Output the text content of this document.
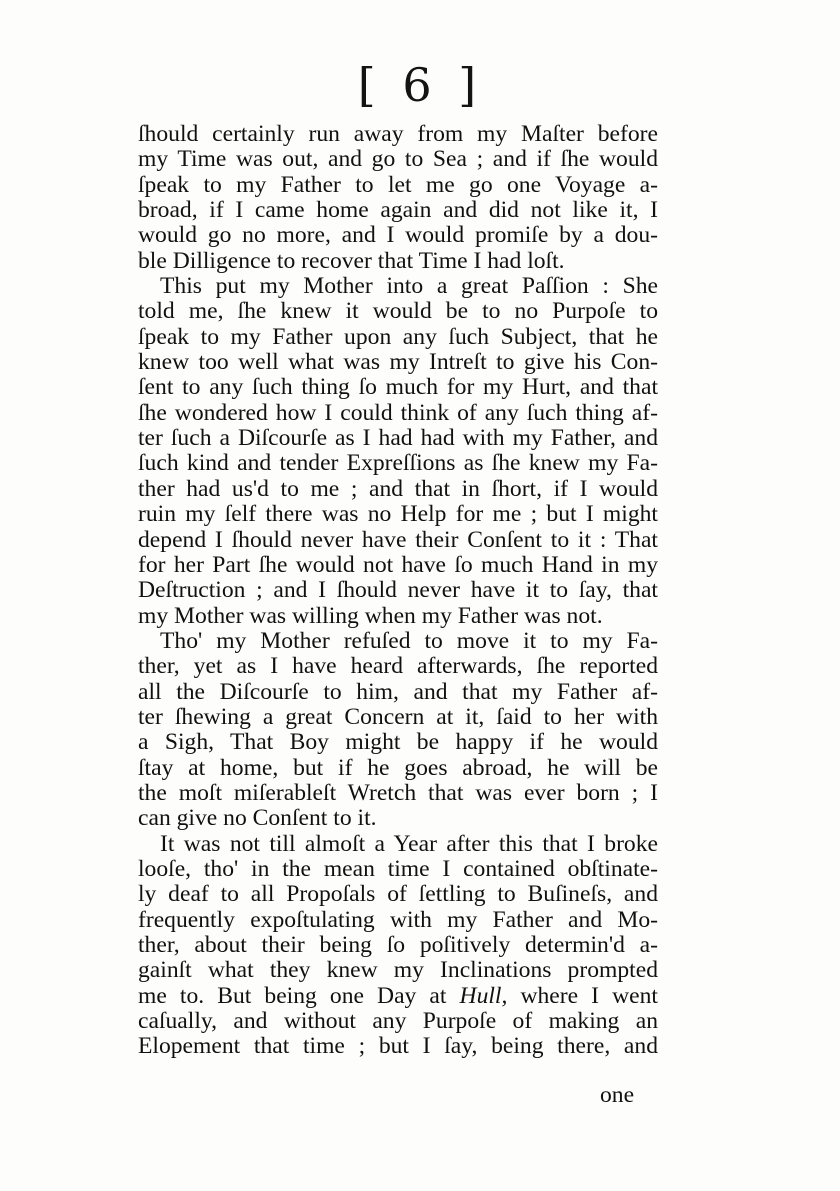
[ 6 ]
ſhould certainly run away from my Maſter before
my Time was out, and go to Sea ; and if ſhe would
ſpeak to my Father to let me go one Voyage a-
broad, if I came home again and did not like it, I
would go no more, and I would promiſe by a dou-
ble Dilligence to recover that Time I had loſt.
This put my Mother into a great Paſſion : She
told me, ſhe knew it would be to no Purpoſe to
ſpeak to my Father upon any ſuch Subject, that he
knew too well what was my Intreſt to give his Con-
ſent to any ſuch thing ſo much for my Hurt, and that
ſhe wondered how I could think of any ſuch thing af-
ter ſuch a Diſcourſe as I had had with my Father, and
ſuch kind and tender Expreſſions as ſhe knew my Fa-
ther had us'd to me ; and that in ſhort, if I would
ruin my ſelf there was no Help for me ; but I might
depend I ſhould never have their Conſent to it : That
for her Part ſhe would not have ſo much Hand in my
Deſtruction ; and I ſhould never have it to ſay, that
my Mother was willing when my Father was not.
Tho' my Mother refuſed to move it to my Fa-
ther, yet as I have heard afterwards, ſhe reported
all the Diſcourſe to him, and that my Father af-
ter ſhewing a great Concern at it, ſaid to her with
a Sigh, That Boy might be happy if he would
ſtay at home, but if he goes abroad, he will be
the moſt miſerableſt Wretch that was ever born ; I
can give no Conſent to it.
It was not till almoſt a Year after this that I broke
looſe, tho' in the mean time I contained obſtinate-
ly deaf to all Propoſals of ſettling to Buſineſs, and
frequently expoſtulating with my Father and Mo-
ther, about their being ſo poſitively determin'd a-
gainſt what they knew my Inclinations prompted
me to. But being one Day at Hull, where I went
caſually, and without any Purpoſe of making an
Elopement that time ; but I ſay, being there, and
one
